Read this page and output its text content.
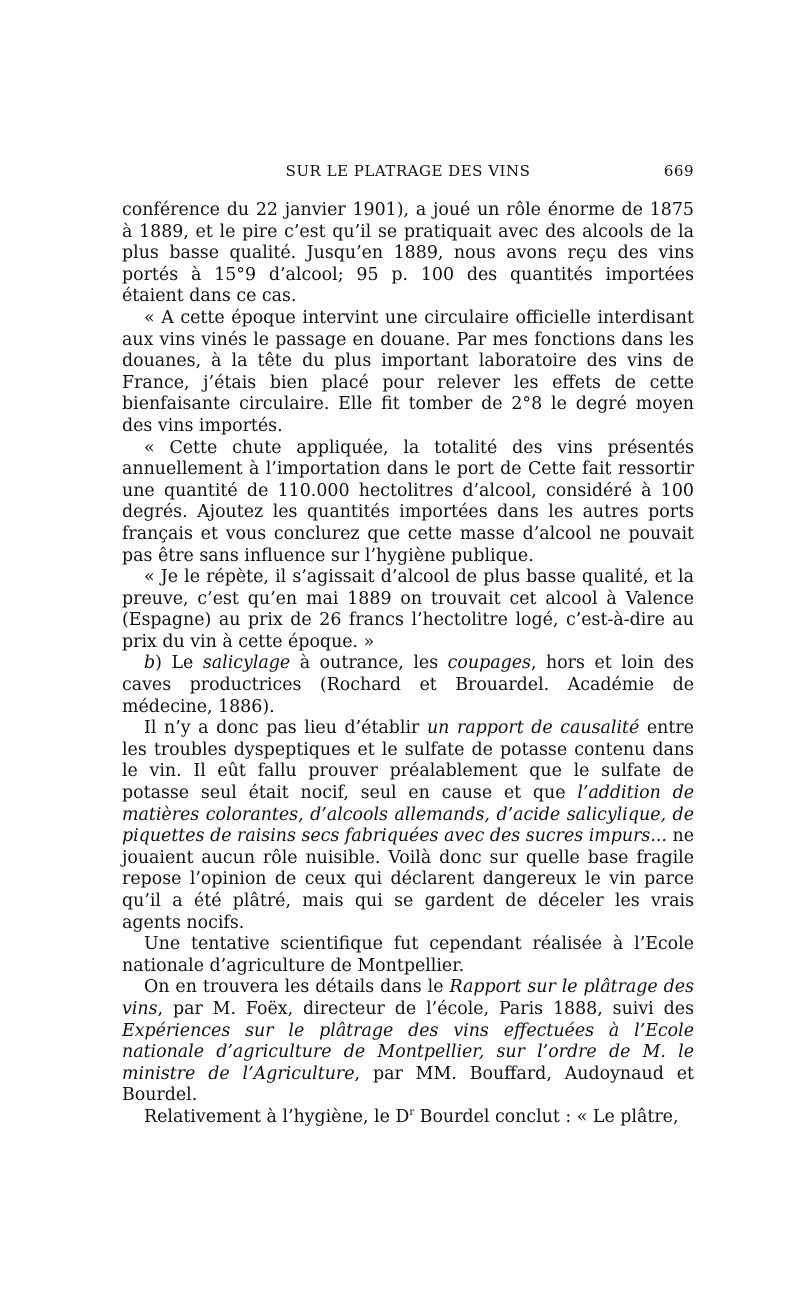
SUR LE PLATRAGE DES VINS	669

conférence du 22 janvier 1901), a joué un rôle énorme de 1875 à 1889, et le pire c’est qu’il se pratiquait avec des alcools de la plus basse qualité. Jusqu’en 1889, nous avons reçu des vins portés à 15°9 d’alcool; 95 p. 100 des quantités importées étaient dans ce cas.

« A cette époque intervint une circulaire officielle interdisant aux vins vinés le passage en douane. Par mes fonctions dans les douanes, à la tête du plus important laboratoire des vins de France, j’étais bien placé pour relever les effets de cette bienfaisante circulaire. Elle fit tomber de 2°8 le degré moyen des vins importés.

« Cette chute appliquée, la totalité des vins présentés annuellement à l’importation dans le port de Cette fait ressortir une quantité de 110.000 hectolitres d’alcool, considéré à 100 degrés. Ajoutez les quantités importées dans les autres ports français et vous conclurez que cette masse d’alcool ne pouvait pas être sans influence sur l’hygiène publique.

« Je le répète, il s’agissait d’alcool de plus basse qualité, et la preuve, c’est qu’en mai 1889 on trouvait cet alcool à Valence (Espagne) au prix de 26 francs l’hectolitre logé, c’est-à-dire au prix du vin à cette époque. »

b) Le salicylage à outrance, les coupages, hors et loin des caves productrices (Rochard et Brouardel. Académie de médecine, 1886).

Il n’y a donc pas lieu d’établir un rapport de causalité entre les troubles dyspeptiques et le sulfate de potasse contenu dans le vin. Il eût fallu prouver préalablement que le sulfate de potasse seul était nocif, seul en cause et que l’addition de matières colorantes, d’alcools allemands, d’acide salicylique, de piquettes de raisins secs fabriquées avec des sucres impurs... ne jouaient aucun rôle nuisible. Voilà donc sur quelle base fragile repose l’opinion de ceux qui déclarent dangereux le vin parce qu’il a été plâtré, mais qui se gardent de déceler les vrais agents nocifs.

Une tentative scientifique fut cependant réalisée à l’Ecole nationale d’agriculture de Montpellier.

On en trouvera les détails dans le Rapport sur le plâtrage des vins, par M. Foëx, directeur de l’école, Paris 1888, suivi des Expériences sur le plâtrage des vins effectuées à l’Ecole nationale d’agriculture de Montpellier, sur l’ordre de M. le ministre de l’Agriculture, par MM. Bouffard, Audoynaud et Bourdel.

Relativement à l’hygiène, le $D^r$ Bourdel conclut : « Le plâtre,
